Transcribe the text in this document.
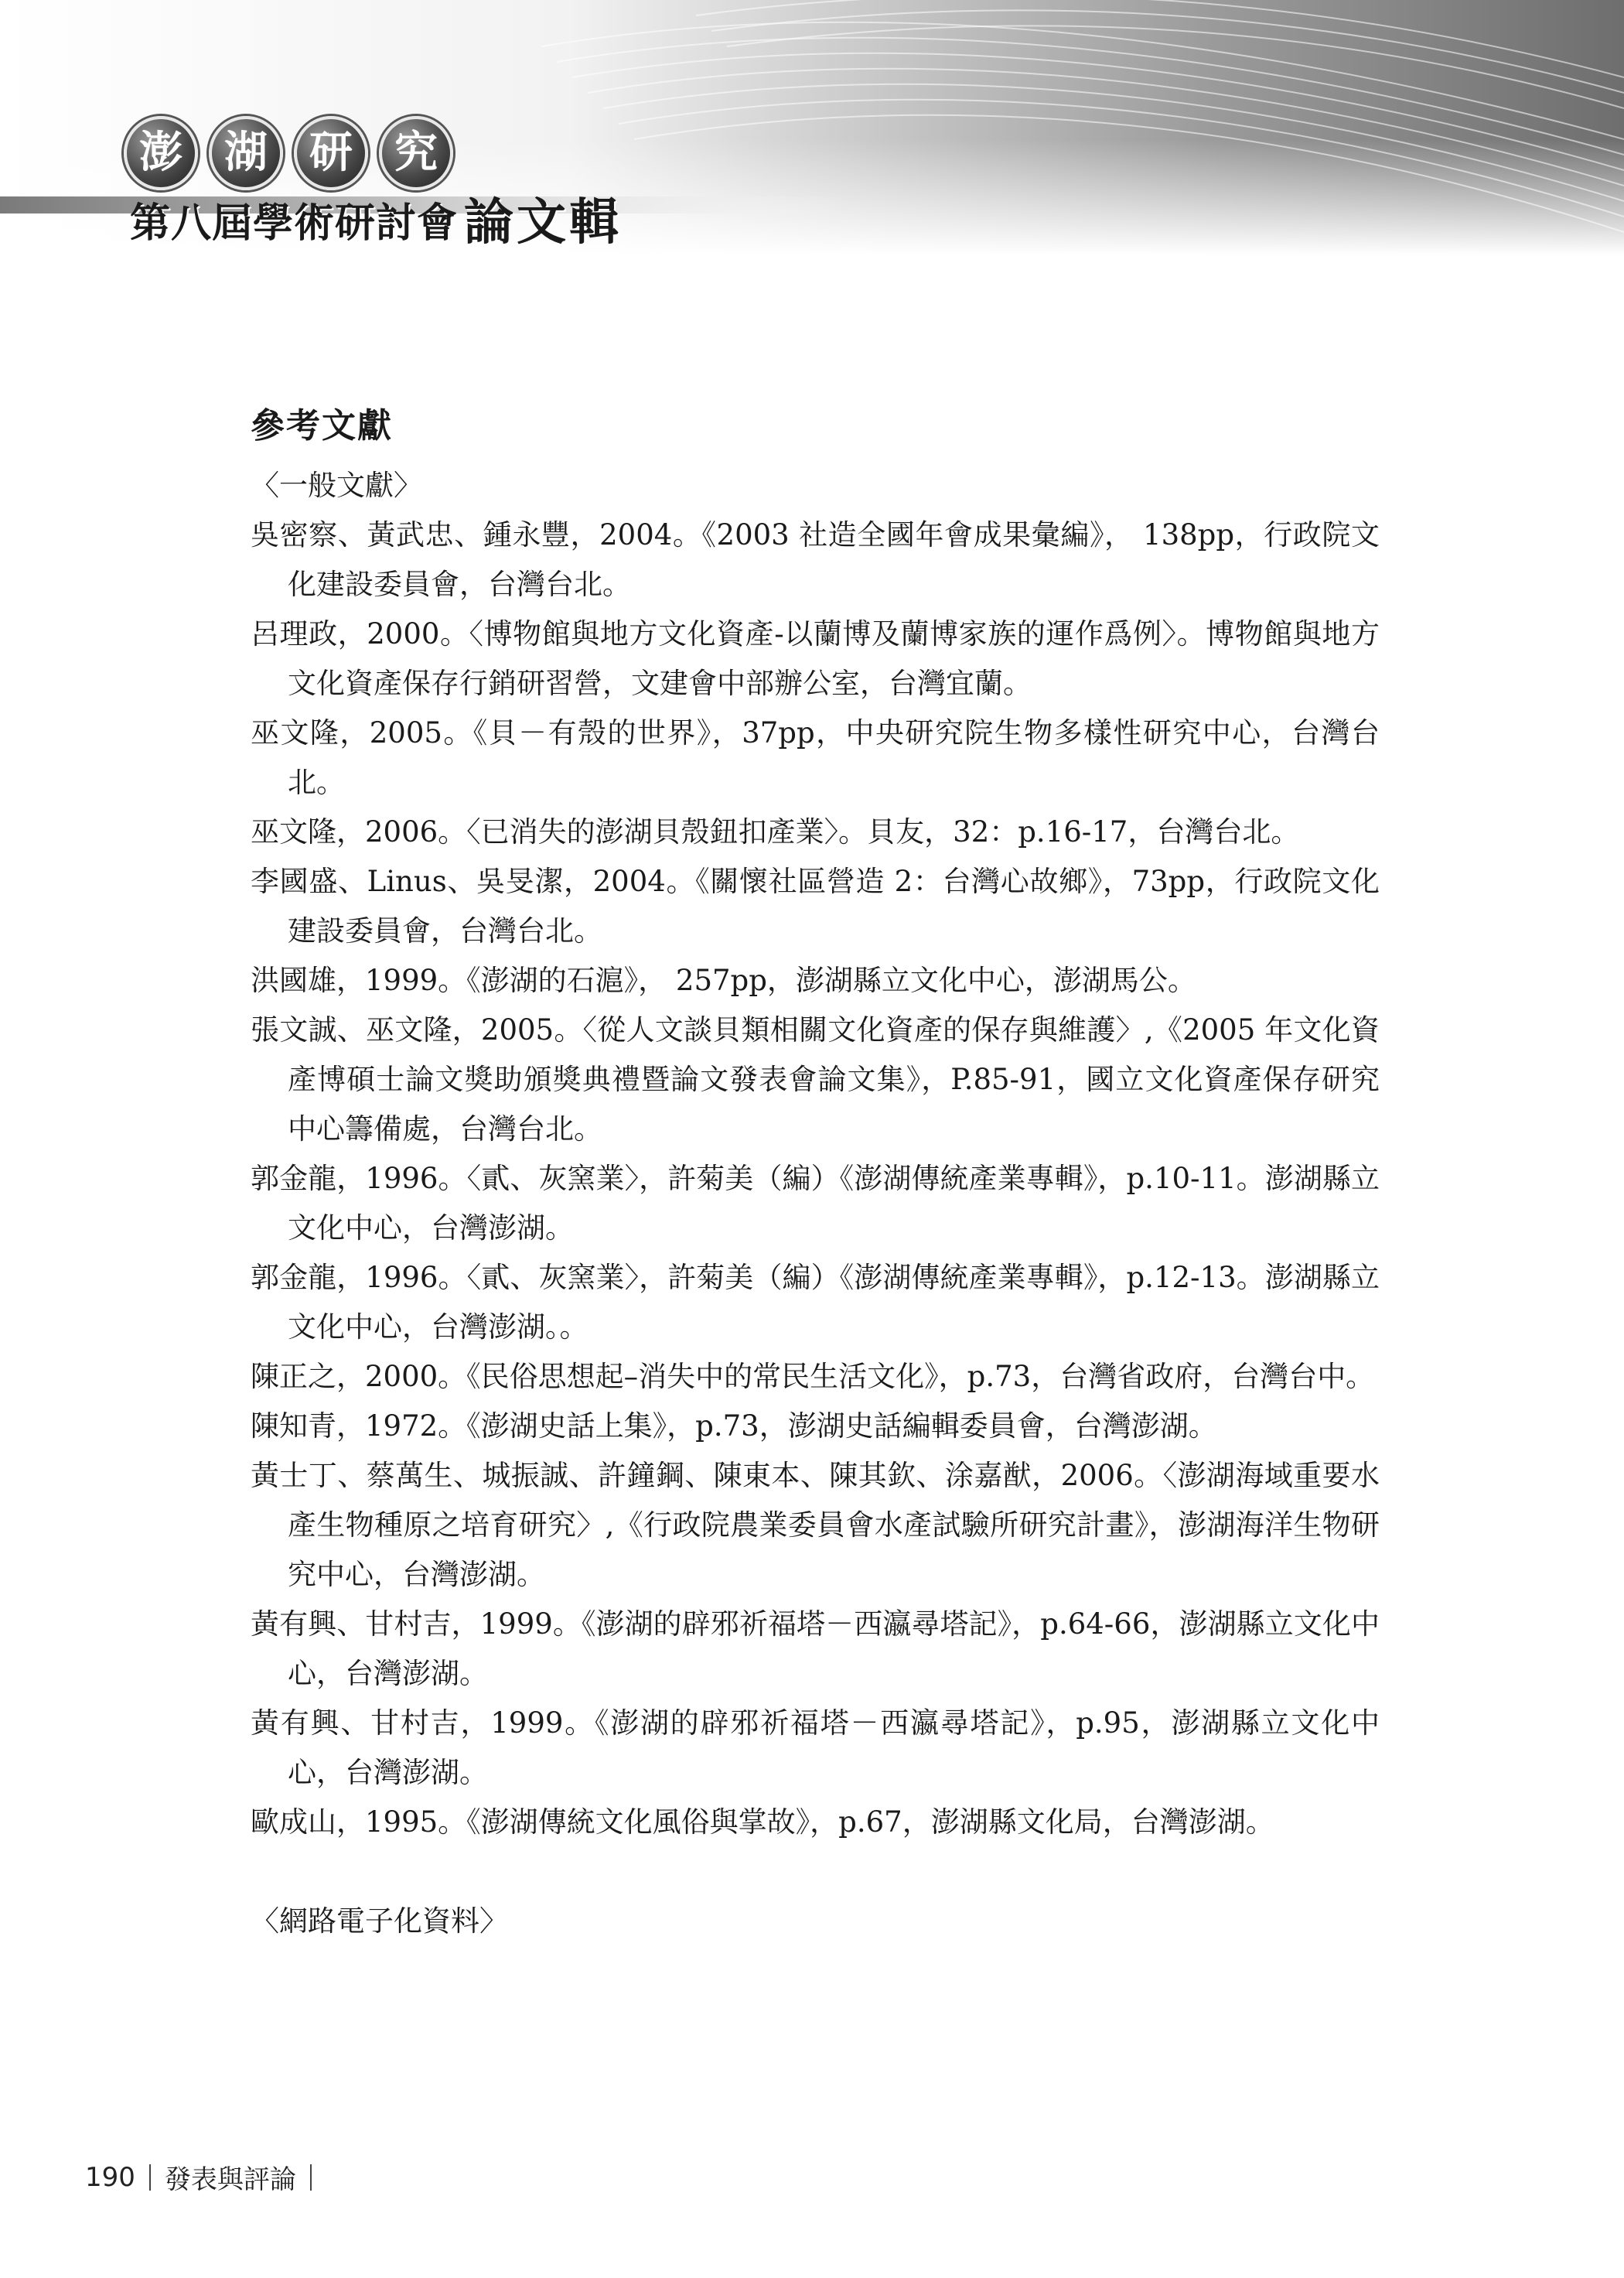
澎 湖 研 究
第八屆學術研討會 論文輯
參考文獻
〈一般文獻〉
吳密察、黃武忠、鍾永豐，2004。《2003 社造全國年會成果彙編》， 138pp，行政院文化建設委員會，台灣台北。
呂理政，2000。〈博物館與地方文化資產-以蘭博及蘭博家族的運作爲例〉。博物館與地方文化資產保存行銷研習營，文建會中部辦公室，台灣宜蘭。
巫文隆，2005。《貝－有殼的世界》，37pp，中央研究院生物多樣性研究中心，台灣台北。
巫文隆，2006。〈已消失的澎湖貝殼鈕扣產業〉。貝友，32：p.16-17，台灣台北。
李國盛、Linus、吳旻潔，2004。《關懷社區營造 2：台灣心故鄉》，73pp，行政院文化建設委員會，台灣台北。
洪國雄，1999。《澎湖的石滬》， 257pp，澎湖縣立文化中心，澎湖馬公。
張文誠、巫文隆，2005。〈從人文談貝類相關文化資產的保存與維護〉,《2005 年文化資產博碩士論文獎助頒獎典禮暨論文發表會論文集》，P.85-91，國立文化資產保存研究中心籌備處，台灣台北。
郭金龍，1996。〈貳、灰窯業〉，許菊美（編）《澎湖傳統產業專輯》，p.10-11。澎湖縣立文化中心，台灣澎湖。
郭金龍，1996。〈貳、灰窯業〉，許菊美（編）《澎湖傳統產業專輯》，p.12-13。澎湖縣立文化中心，台灣澎湖。。
陳正之，2000。《民俗思想起–消失中的常民生活文化》，p.73，台灣省政府，台灣台中。
陳知青，1972。《澎湖史話上集》，p.73，澎湖史話編輯委員會，台灣澎湖。
黃士丁、蔡萬生、城振誠、許鐘鋼、陳東本、陳其欽、涂嘉猷，2006。〈澎湖海域重要水產生物種原之培育研究〉,《行政院農業委員會水產試驗所研究計畫》，澎湖海洋生物研究中心，台灣澎湖。
黃有興、甘村吉，1999。《澎湖的辟邪祈福塔－西瀛尋塔記》，p.64-66，澎湖縣立文化中心，台灣澎湖。
黃有興、甘村吉，1999。《澎湖的辟邪祈福塔－西瀛尋塔記》，p.95，澎湖縣立文化中心，台灣澎湖。
歐成山，1995。《澎湖傳統文化風俗與掌故》，p.67，澎湖縣文化局，台灣澎湖。
〈網路電子化資料〉
190 發表與評論
